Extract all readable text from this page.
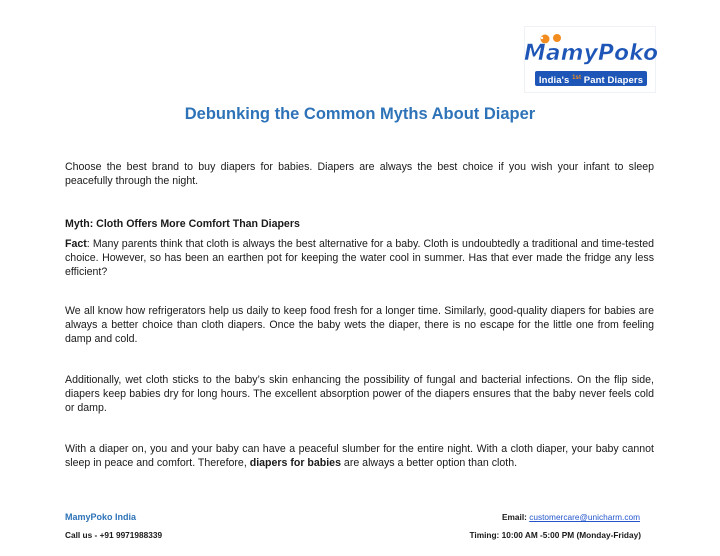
MamyPoko
India's $^{1st}$ Pant Diapers
Debunking the Common Myths About Diaper

Choose the best brand to buy diapers for babies. Diapers are always the best choice if you wish your infant to sleep peacefully through the night.

Myth: Cloth Offers More Comfort Than Diapers

Fact: Many parents think that cloth is always the best alternative for a baby. Cloth is undoubtedly a traditional and time-tested choice. However, so has been an earthen pot for keeping the water cool in summer. Has that ever made the fridge any less efficient?

We all know how refrigerators help us daily to keep food fresh for a longer time. Similarly, good-quality diapers for babies are always a better choice than cloth diapers. Once the baby wets the diaper, there is no escape for the little one from feeling damp and cold.

Additionally, wet cloth sticks to the baby’s skin enhancing the possibility of fungal and bacterial infections. On the flip side, diapers keep babies dry for long hours. The excellent absorption power of the diapers ensures that the baby never feels cold or damp.

With a diaper on, you and your baby can have a peaceful slumber for the entire night. With a cloth diaper, your baby cannot sleep in peace and comfort. Therefore, diapers for babies are always a better option than cloth.

MamyPoko India
Call us - +91 9971988339
Email: customercare@unicharm.com
Timing: 10:00 AM -5:00 PM (Monday-Friday)
